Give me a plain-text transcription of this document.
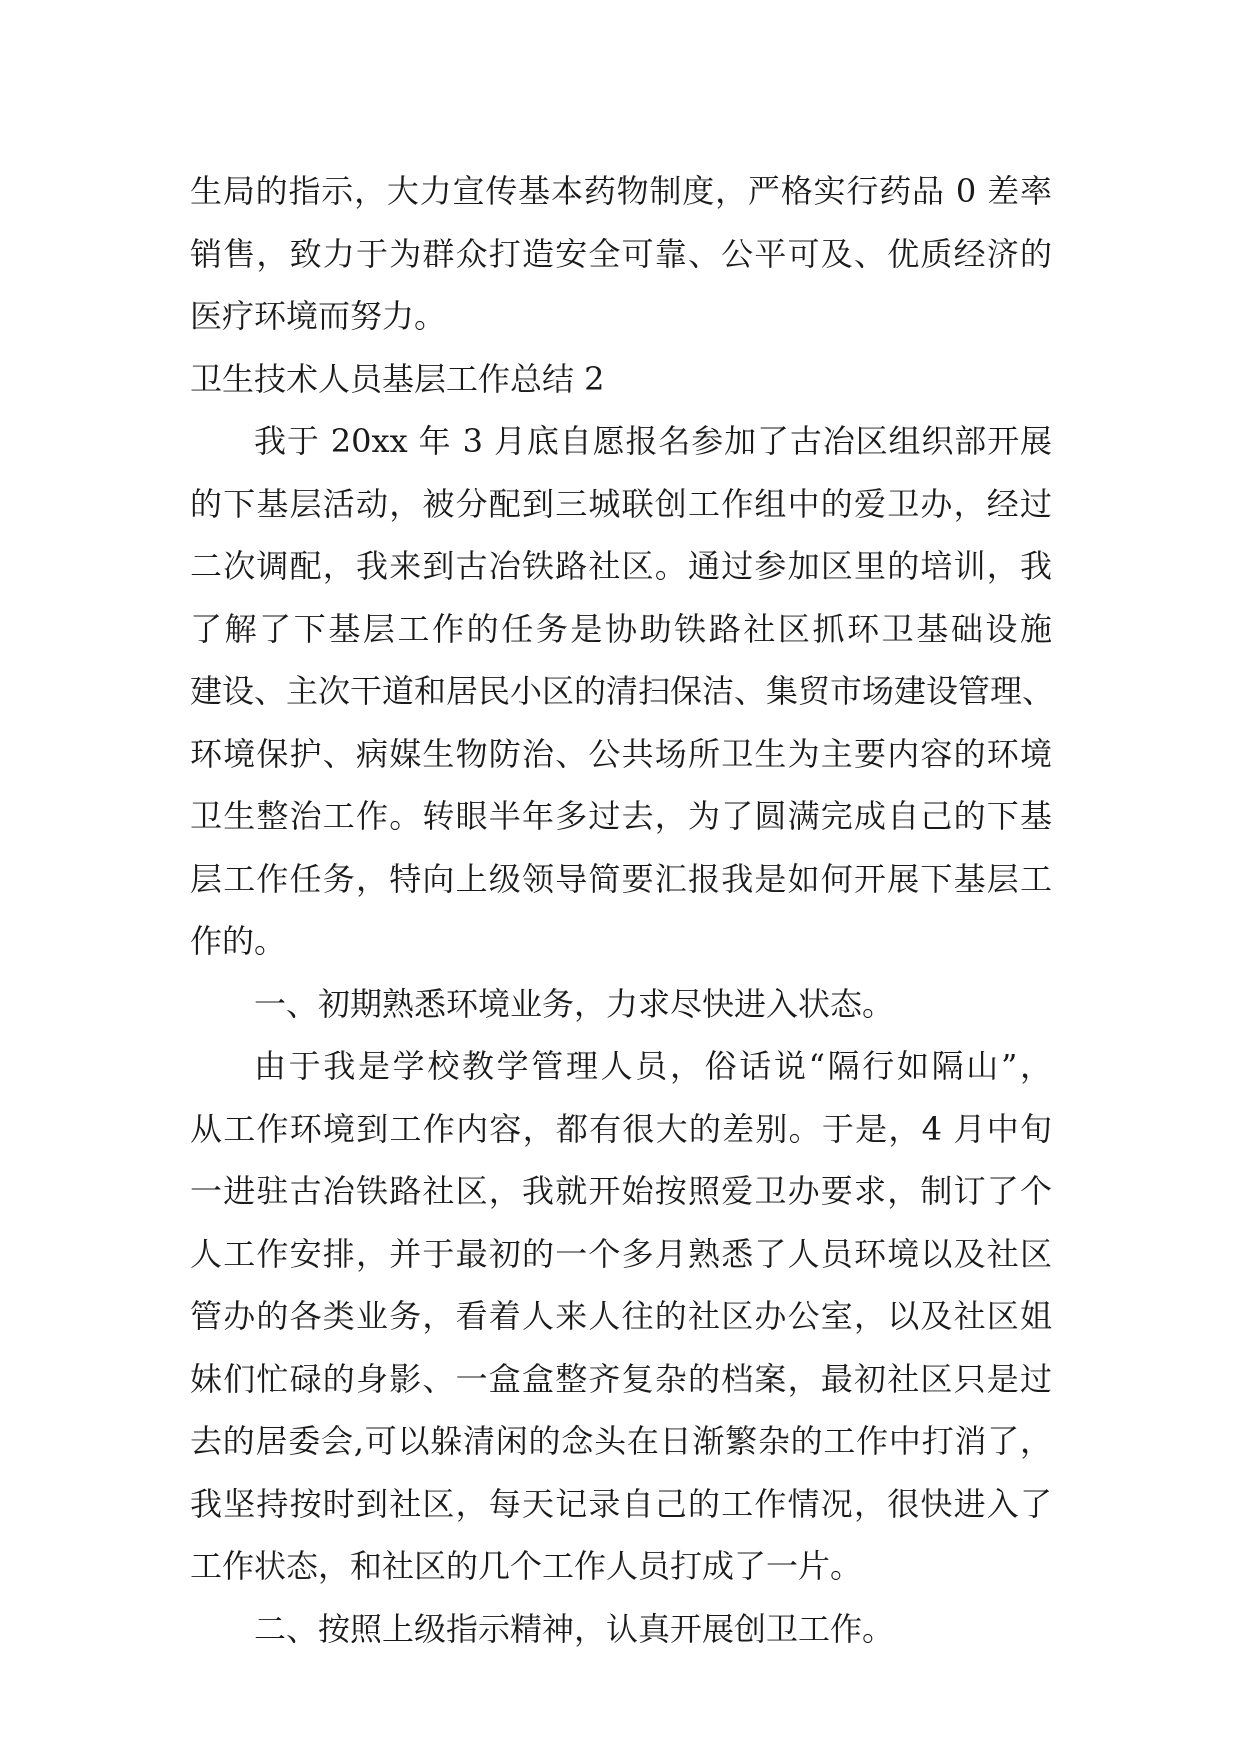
生局的指示，大力宣传基本药物制度，严格实行药品 0 差率
销售，致力于为群众打造安全可靠、公平可及、优质经济的
医疗环境而努力。
卫生技术人员基层工作总结 2
我于 20xx 年 3 月底自愿报名参加了古冶区组织部开展
的下基层活动，被分配到三城联创工作组中的爱卫办，经过
二次调配，我来到古冶铁路社区。通过参加区里的培训，我
了解了下基层工作的任务是协助铁路社区抓环卫基础设施
建设、主次干道和居民小区的清扫保洁、集贸市场建设管理、
环境保护、病媒生物防治、公共场所卫生为主要内容的环境
卫生整治工作。转眼半年多过去，为了圆满完成自己的下基
层工作任务，特向上级领导简要汇报我是如何开展下基层工
作的。
一、初期熟悉环境业务，力求尽快进入状态。
由于我是学校教学管理人员，俗话说“隔行如隔山”，
从工作环境到工作内容，都有很大的差别。于是，4 月中旬
一进驻古冶铁路社区，我就开始按照爱卫办要求，制订了个
人工作安排，并于最初的一个多月熟悉了人员环境以及社区
管办的各类业务，看着人来人往的社区办公室，以及社区姐
妹们忙碌的身影、一盒盒整齐复杂的档案，最初社区只是过
去的居委会,可以躲清闲的念头在日渐繁杂的工作中打消了，
我坚持按时到社区，每天记录自己的工作情况，很快进入了
工作状态，和社区的几个工作人员打成了一片。
二、按照上级指示精神，认真开展创卫工作。
